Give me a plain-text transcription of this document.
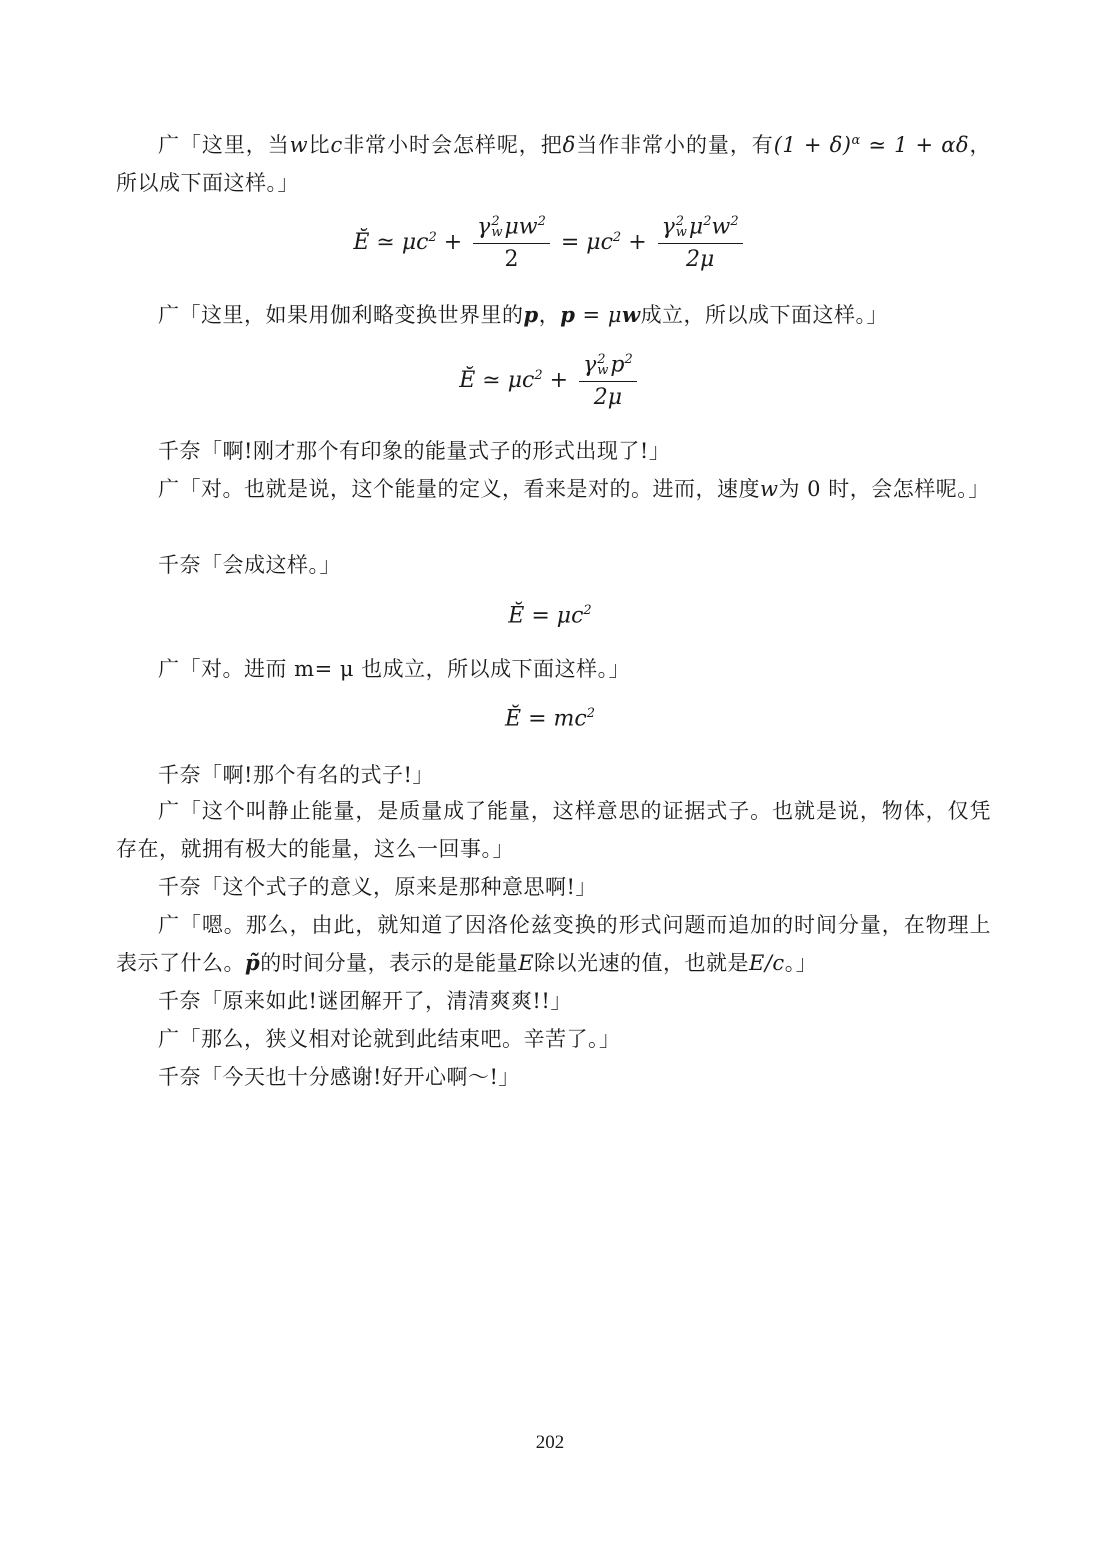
广「这里，当w比c非常小时会怎样呢，把δ当作非常小的量，有$(1 + \delta)^\alpha$ ≃ 1 + αδ，所以成下面这样。」

Ĕ ≃ $\mu c^2 + \gamma$ 2
w $\mu w^2$
$2 = \mu c^2 + \gamma$ 2
w $\mu^2w^2$
2μ

广「这里，如果用伽利略变换世界里的p，p = μw成立，所以成下面这样。」

Ĕ ≃ $\mu c^2 + \gamma$ 2
w $p^2$
2μ

千奈「啊!刚才那个有印象的能量式子的形式出现了!」

广「对。也就是说，这个能量的定义，看来是对的。进而，速度w为 0 时，会怎样呢。」

千奈「会成这样。」

Ĕ = $\mu c^2$

广「对。进而 m= μ 也成立，所以成下面这样。」

Ĕ = $mc^2$

千奈「啊!那个有名的式子!」

广「这个叫静止能量，是质量成了能量，这样意思的证据式子。也就是说，物体，仅凭存在，就拥有极大的能量，这么一回事。」

千奈「这个式子的意义，原来是那种意思啊!」

广「嗯。那么，由此，就知道了因洛伦兹变换的形式问题而追加的时间分量，在物理上表示了什么。p̃的时间分量，表示的是能量E除以光速的值，也就是E/c。」

千奈「原来如此!谜团解开了，清清爽爽!!」

广「那么，狭义相对论就到此结束吧。辛苦了。」

千奈「今天也十分感谢!好开心啊～!」

202
